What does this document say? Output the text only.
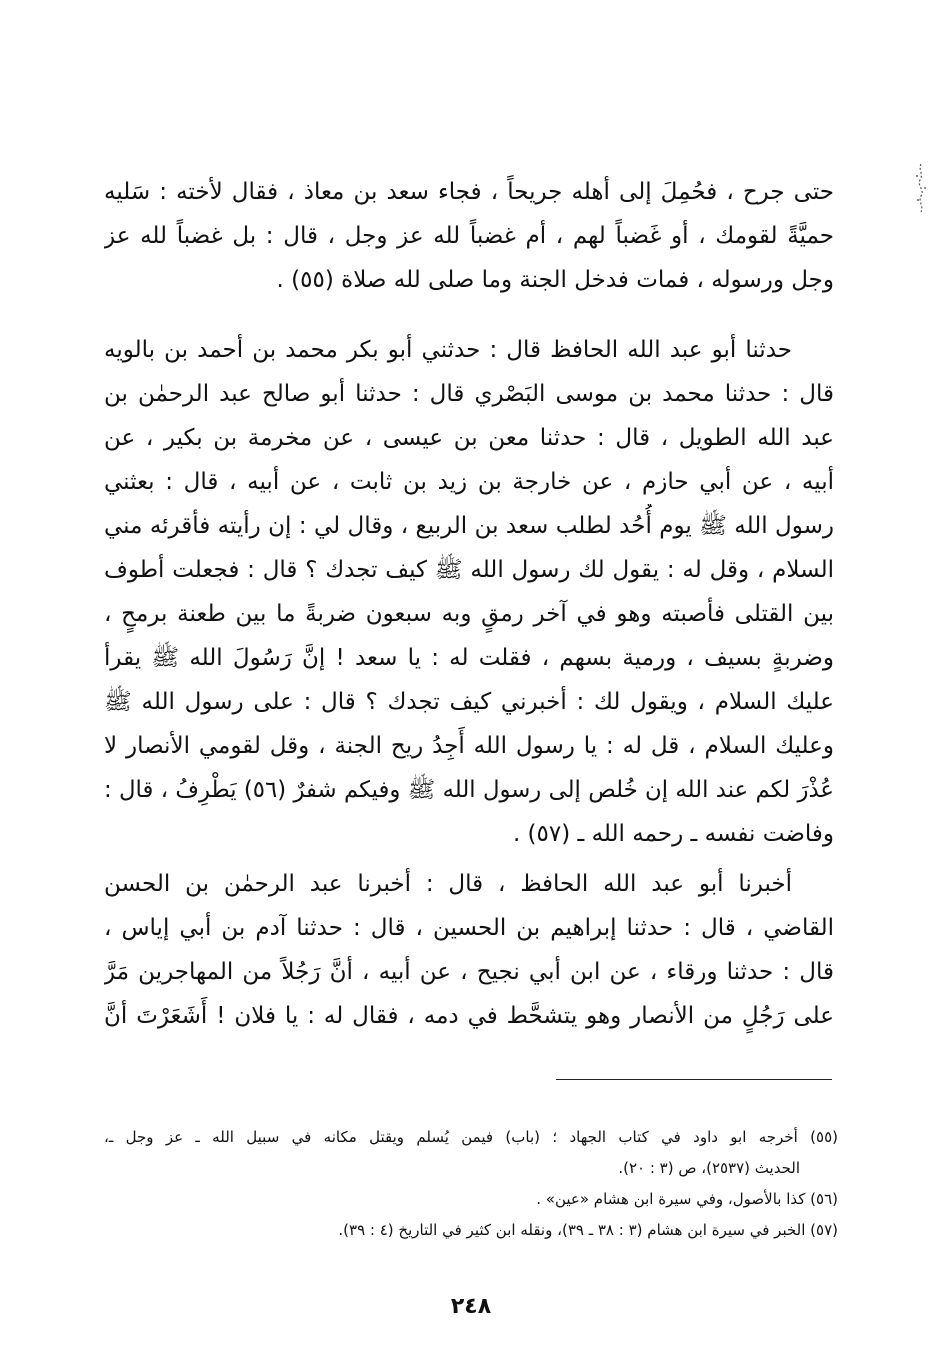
حتى جرح ، فحُمِلَ إلى أهله جريحاً ، فجاء سعد بن معاذ ، فقال لأخته : سَليه
حميَّةً لقومك ، أو غَضباً لهم ، أم غضباً لله عز وجل ، قال : بل غضباً لله عز
وجل ورسوله ، فمات فدخل الجنة وما صلى لله صلاة (٥٥) .
حدثنا أبو عبد الله الحافظ قال : حدثني أبو بكر محمد بن أحمد بن بالويه
قال : حدثنا محمد بن موسى البَصْري قال : حدثنا أبو صالح عبد الرحمٰن بن
عبد الله الطويل ، قال : حدثنا معن بن عيسى ، عن مخرمة بن بكير ، عن
أبيه ، عن أبي حازم ، عن خارجة بن زيد بن ثابت ، عن أبيه ، قال : بعثني
رسول الله ﷺ يوم أُحُد لطلب سعد بن الربيع ، وقال لي : إن رأيته فأقرئه مني
السلام ، وقل له : يقول لك رسول الله ﷺ كيف تجدك ؟ قال : فجعلت أطوف
بين القتلى فأصبته وهو في آخر رمقٍ وبه سبعون ضربةً ما بين طعنة برمحٍ ،
وضربةٍ بسيف ، ورمية بسهم ، فقلت له : يا سعد ! إنَّ رَسُولَ الله ﷺ يقرأ
عليك السلام ، ويقول لك : أخبرني كيف تجدك ؟ قال : على رسول الله ﷺ
وعليك السلام ، قل له : يا رسول الله أَجِدُ ريح الجنة ، وقل لقومي الأنصار لا
عُذْرَ لكم عند الله إن خُلص إلى رسول الله ﷺ وفيكم شفرٌ (٥٦) يَطْرِفُ ، قال :
وفاضت نفسه ـ رحمه الله ـ (٥٧) .
أخبرنا أبو عبد الله الحافظ ، قال : أخبرنا عبد الرحمٰن بن الحسن
القاضي ، قال : حدثنا إبراهيم بن الحسين ، قال : حدثنا آدم بن أبي إياس ،
قال : حدثنا ورقاء ، عن ابن أبي نجيح ، عن أبيه ، أنَّ رَجُلاً من المهاجرين مَرَّ
على رَجُلٍ من الأنصار وهو يتشحَّط في دمه ، فقال له : يا فلان ! أَشَعَرْتَ أنَّ
(٥٥) أخرجه ابو داود في كتاب الجهاد ؛ (باب) فيمن يُسلم ويقتل مكانه في سبيل الله ـ عز وجل ـ،
الحديث (٢٥٣٧)، ص (٣ : ٢٠).
(٥٦) كذا بالأصول، وفي سيرة ابن هشام «عين» .
(٥٧) الخبر في سيرة ابن هشام (٣ : ٣٨ ـ ٣٩)، ونقله ابن كثير في التاريخ (٤ : ٣٩).
٢٤٨
